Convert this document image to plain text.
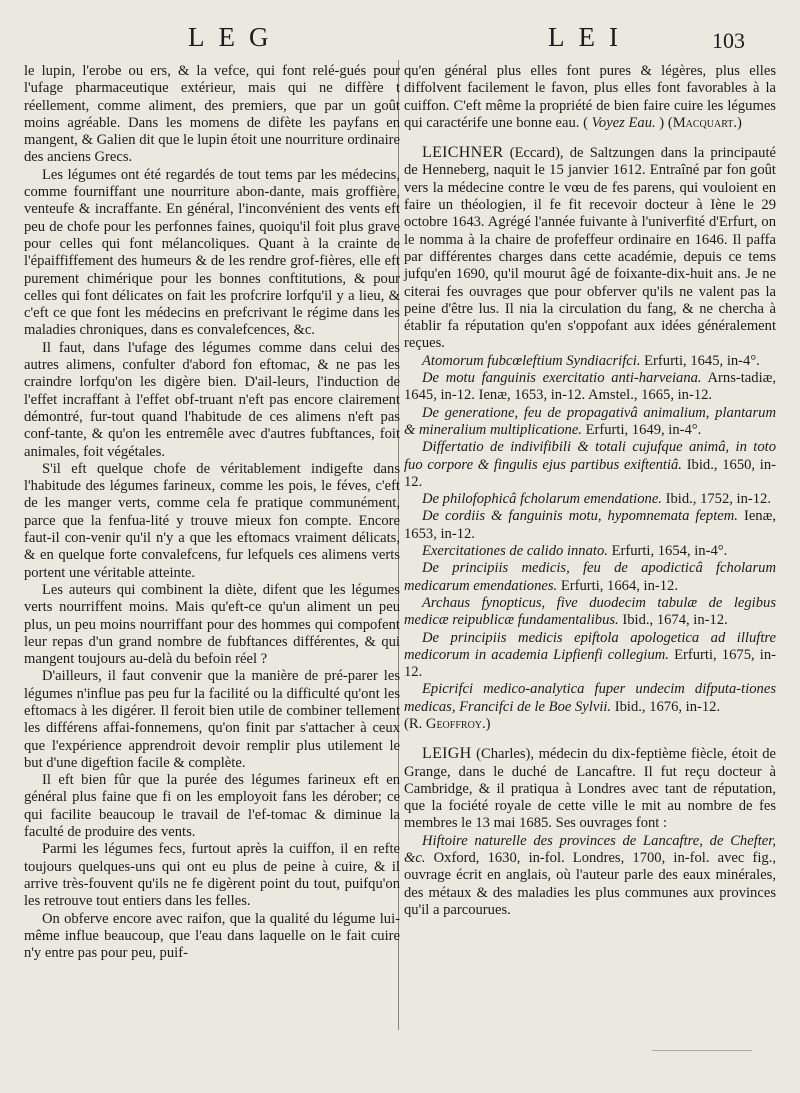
LEG	LEI	103

le lupin, l'erobe ou ers, & la vefce, qui font relé-gués pour l'ufage pharmaceutique extérieur, mais qui ne diffère t réellement, comme aliment, des premiers, que par un goût moins agréable. Dans les momens de difète les payfans en mangent, & Galien dit que le lupin étoit une nourriture ordinaire des anciens Grecs.

Les légumes ont été regardés de tout tems par les médecins, comme fourniffant une nourriture abon-dante, mais groffière, venteufe & incraffante. En général, l'inconvénient des vents eft peu de chofe pour les perfonnes faines, quoiqu'il foit plus grave pour celles qui font mélancoliques. Quant à la crainte de l'épaiffiffement des humeurs & de les rendre grof-fières, elle eft purement chimérique pour les bonnes conftitutions, & pour celles qui font délicates on fait les profcrire lorfqu'il y a lieu, & c'eft ce que font les médecins en prefcrivant le régime dans les maladies chroniques, dans es convalefcences, &c.

Il faut, dans l'ufage des légumes comme dans celui des autres alimens, confulter d'abord fon eftomac, & ne pas les craindre lorfqu'on les digère bien. D'ail-leurs, l'induction de l'effet incraffant à l'effet obf-truant n'eft pas encore clairement démontré, fur-tout quand l'habitude de ces alimens n'eft pas conf-tante, & qu'on les entremêle avec d'autres fubftances, foit animales, foit végétales.

S'il eft quelque chofe de véritablement indigefte dans l'habitude des légumes farineux, comme les pois, le féves, c'eft de les manger verts, comme cela fe pratique communément, parce que la fenfua-lité y trouve mieux fon compte. Encore faut-il con-venir qu'il n'y a que les eftomacs vraiment délicats, & en quelque forte convalefcens, fur lefquels ces alimens verts portent une véritable atteinte.

Les auteurs qui combinent la diète, difent que les légumes verts nourriffent moins. Mais qu'eft-ce qu'un aliment un peu plus, un peu moins nourriffant pour des hommes qui compofent leur repas d'un grand nombre de fubftances différentes, & qui mangent toujours au-delà du befoin réel ?

D'ailleurs, il faut convenir que la manière de pré-parer les légumes n'influe pas peu fur la facilité ou la difficulté qu'ont les eftomacs à les digérer. Il feroit bien utile de combiner tellement les différens affai-fonnemens, qu'on finit par s'attacher à ceux que l'expérience apprendroit devoir remplir plus utilement le but d'une digeftion facile & complète.

Il eft bien fûr que la purée des légumes farineux eft en général plus faine que fi on les employoit fans les dérober; ce qui facilite beaucoup le travail de l'ef-tomac & diminue la faculté de produire des vents.

Parmi les légumes fecs, furtout après la cuiffon, il en refte toujours quelques-uns qui ont eu plus de peine à cuire, & il arrive très-fouvent qu'ils ne fe digèrent point du tout, puifqu'on les retrouve tout entiers dans les felles.

On obferve encore avec raifon, que la qualité du légume lui-même influe beaucoup, que l'eau dans laquelle on le fait cuire n'y entre pas pour peu, puif-

qu'en général plus elles font pures & légères, plus elles diffolvent facilement le favon, plus elles font favorables à la cuiffon. C'eft même la propriété de bien faire cuire les légumes qui caractérife une bonne eau. ( Voyez Eau. ) (Macquart.)

LEICHNER (Eccard), de Saltzungen dans la principauté de Henneberg, naquit le 15 janvier 1612. Entraîné par fon goût vers la médecine contre le vœu de fes parens, qui vouloient en faire un théologien, il fe fit recevoir docteur à Iène le 29 octobre 1643. Agrégé l'année fuivante à l'univerfité d'Erfurt, on le nomma à la chaire de profeffeur ordinaire en 1646. Il paffa par différentes charges dans cette académie, depuis ce tems jufqu'en 1690, qu'il mourut âgé de foixante-dix-huit ans. Je ne citerai fes ouvrages que pour obferver qu'ils ne valent pas la peine d'être lus. Il nia la circulation du fang, & ne chercha à établir fa réputation qu'en s'oppofant aux idées généralement reçues.

Atomorum fubcœleftium Syndiacrifci. Erfurti, 1645, in-4°.

De motu fanguinis exercitatio anti-harveiana. Arns-tadiæ, 1645, in-12. Ienæ, 1653, in-12. Amstel., 1665, in-12.

De generatione, feu de propagativâ animalium, plantarum & mineralium multiplicatione. Erfurti, 1649, in-4°.

Differtatio de indivifibili & totali cujufque animâ, in toto fuo corpore & fingulis ejus partibus exiftentiâ. Ibid., 1650, in-12.

De philofophicâ fcholarum emendatione. Ibid., 1752, in-12.

De cordiis & fanguinis motu, hypomnemata feptem. Ienæ, 1653, in-12.

Exercitationes de calido innato. Erfurti, 1654, in-4°.

De principiis medicis, feu de apodicticâ fcholarum medicarum emendationes. Erfurti, 1664, in-12.

Archaus fynopticus, five duodecim tabulæ de legibus medicæ reipublicæ fundamentalibus. Ibid., 1674, in-12.

De principiis medicis epiftola apologetica ad illuftre medicorum in academia Lipfienfi collegium. Erfurti, 1675, in-12.

Epicrifci medico-analytica fuper undecim difputa-tiones medicas, Francifci de le Boe Sylvii. Ibid., 1676, in-12.

(R. Geoffroy.)

LEIGH (Charles), médecin du dix-feptième fiècle, étoit de Grange, dans le duché de Lancaftre. Il fut reçu docteur à Cambridge, & il pratiqua à Londres avec tant de réputation, que la fociété royale de cette ville le mit au nombre de fes membres le 13 mai 1685. Ses ouvrages font :

Hiftoire naturelle des provinces de Lancaftre, de Chefter, &c. Oxford, 1630, in-fol. Londres, 1700, in-fol. avec fig., ouvrage écrit en anglais, où l'auteur parle des eaux minérales, des métaux & des maladies les plus communes aux provinces qu'il a parcourues.
